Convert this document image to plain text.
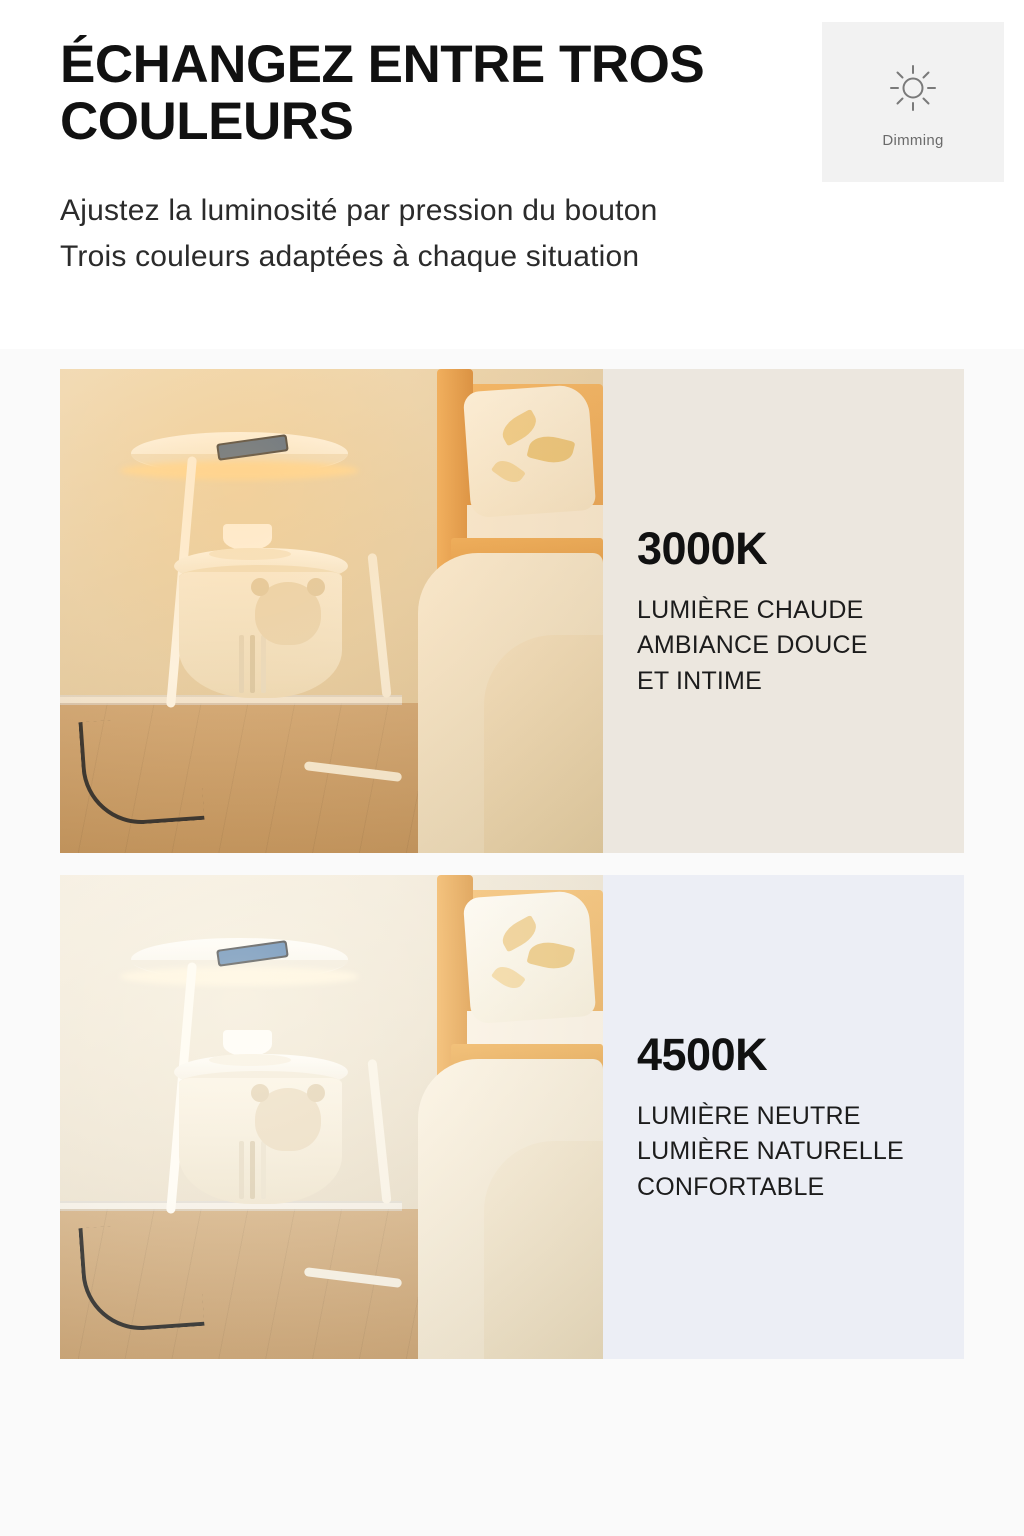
ÉCHANGEZ ENTRE TROS COULEURS
Ajustez la luminosité par pression du bouton
Trois couleurs adaptées à chaque situation
Dimming
3000K
LUMIÈRE CHAUDE
AMBIANCE DOUCE
ET INTIME
4500K
LUMIÈRE NEUTRE
LUMIÈRE NATURELLE
CONFORTABLE
